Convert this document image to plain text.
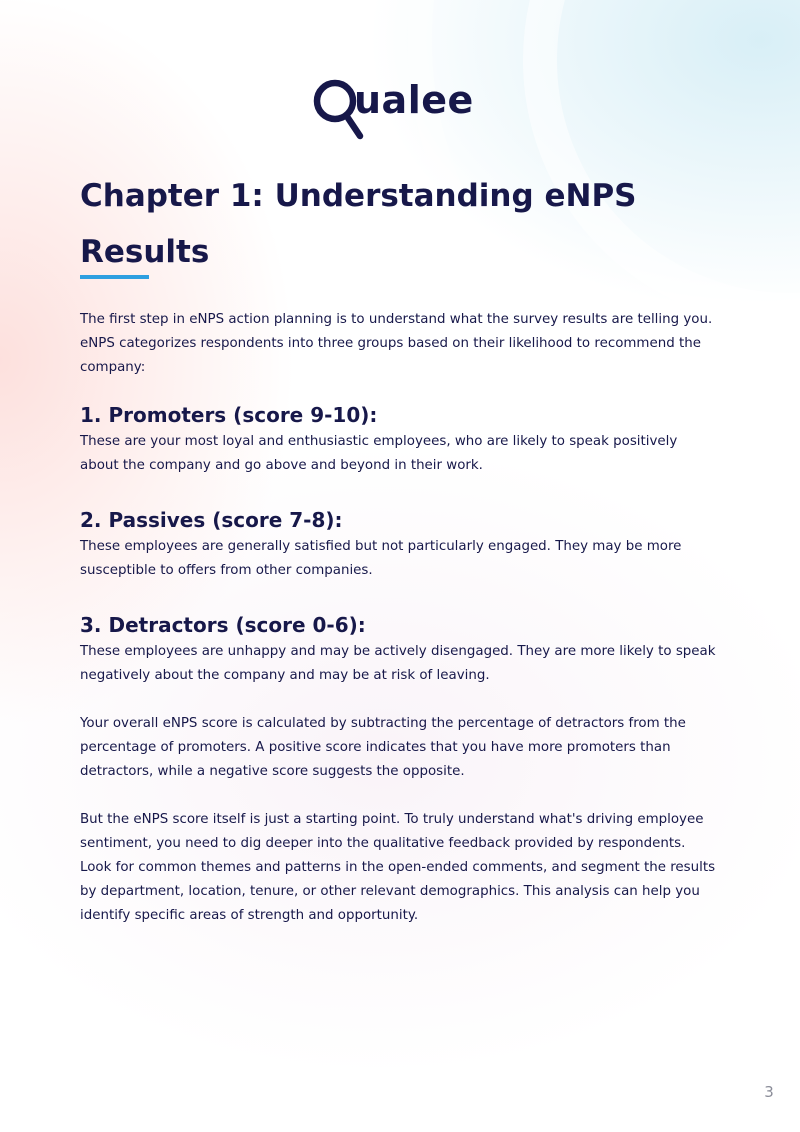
ualee
Chapter 1: Understanding eNPS Results

The first step in eNPS action planning is to understand what the survey results are telling you. eNPS categorizes respondents into three groups based on their likelihood to recommend the company:

1. Promoters (score 9-10):

These are your most loyal and enthusiastic employees, who are likely to speak positively about the company and go above and beyond in their work.

2. Passives (score 7-8):

These employees are generally satisfied but not particularly engaged. They may be more susceptible to offers from other companies.

3. Detractors (score 0-6):

These employees are unhappy and may be actively disengaged. They are more likely to speak negatively about the company and may be at risk of leaving.

Your overall eNPS score is calculated by subtracting the percentage of detractors from the percentage of promoters. A positive score indicates that you have more promoters than detractors, while a negative score suggests the opposite.

But the eNPS score itself is just a starting point. To truly understand what's driving employee sentiment, you need to dig deeper into the qualitative feedback provided by respondents. Look for common themes and patterns in the open-ended comments, and segment the results by department, location, tenure, or other relevant demographics. This analysis can help you identify specific areas of strength and opportunity.

3
